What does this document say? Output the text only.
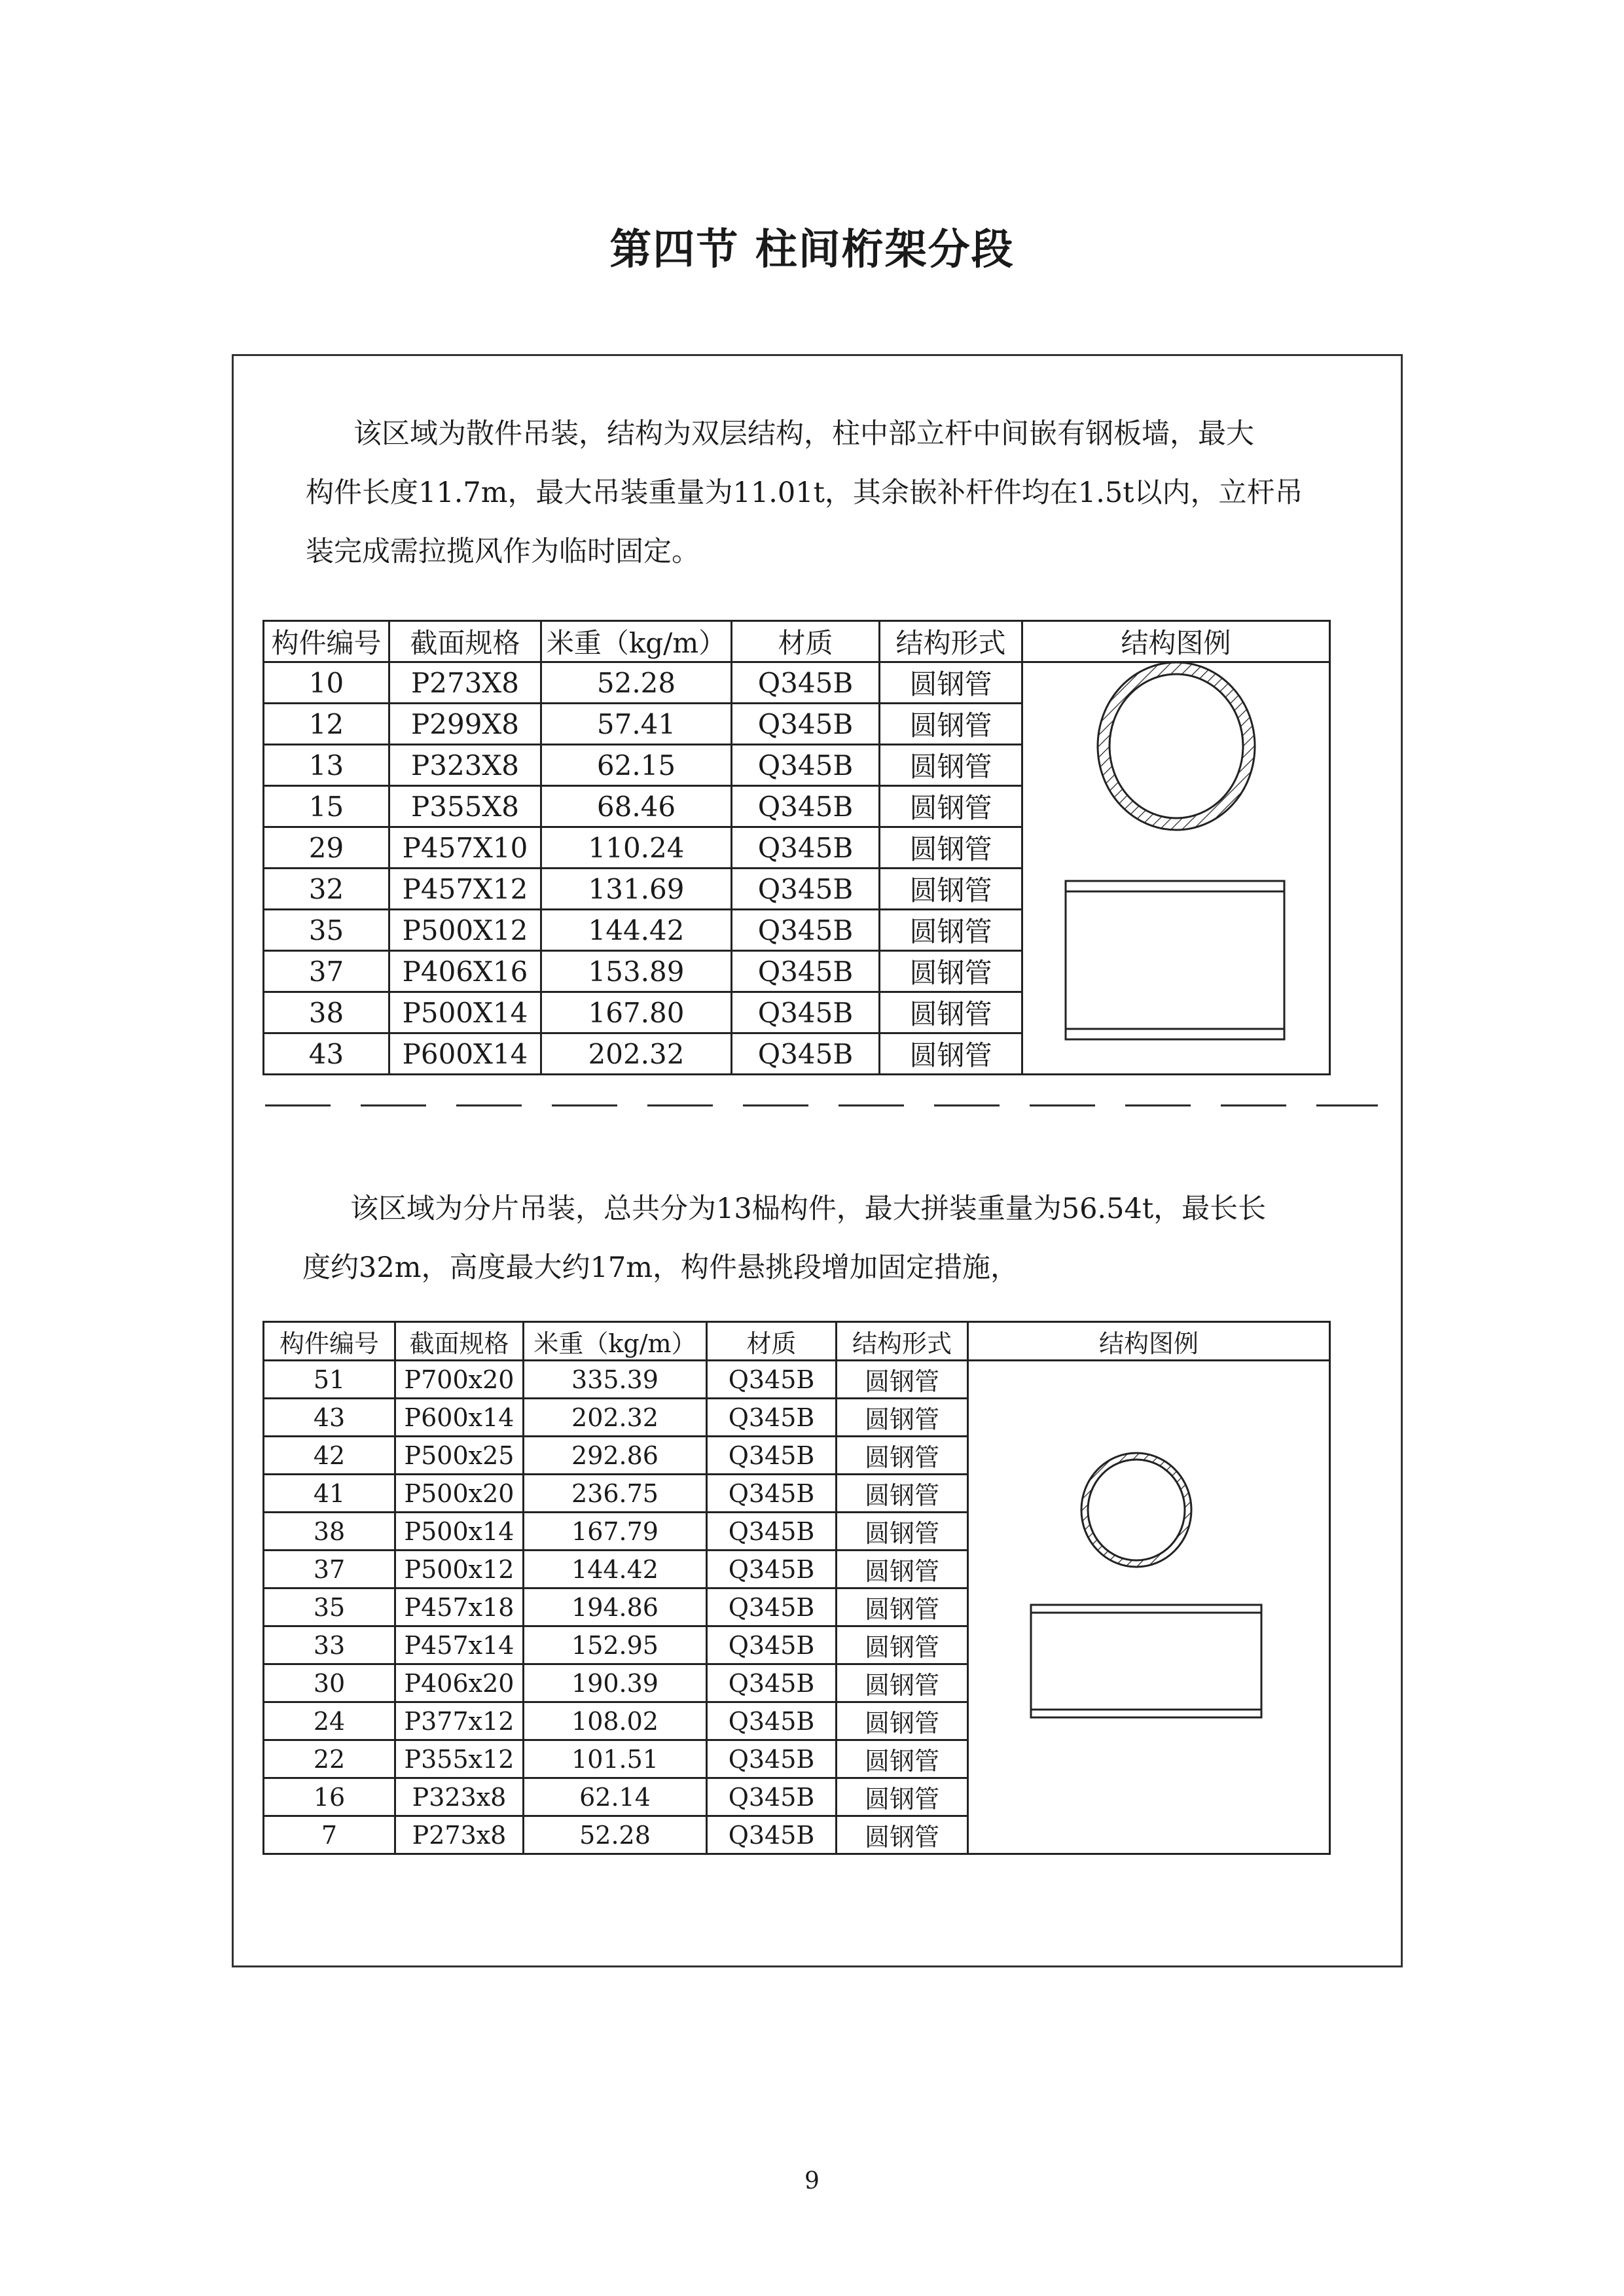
第四节 柱间桁架分段
该区域为散件吊装，结构为双层结构，柱中部立杆中间嵌有钢板墙，最大
构件长度11.7m，最大吊装重量为11.01t，其余嵌补杆件均在1.5t以内，立杆吊
装完成需拉揽风作为临时固定。
构件编号	截面规格	米重（kg/m）	材质	结构形式	结构图例
10	P273X8	52.28	Q345B	圆钢管	
12	P299X8	57.41	Q345B	圆钢管	
13	P323X8	62.15	Q345B	圆钢管	
15	P355X8	68.46	Q345B	圆钢管	
29	P457X10	110.24	Q345B	圆钢管	
32	P457X12	131.69	Q345B	圆钢管	
35	P500X12	144.42	Q345B	圆钢管	
37	P406X16	153.89	Q345B	圆钢管	
38	P500X14	167.80	Q345B	圆钢管	
43	P600X14	202.32	Q345B	圆钢管	
该区域为分片吊装，总共分为13榀构件，最大拼装重量为56.54t，最长长
度约32m，高度最大约17m，构件悬挑段增加固定措施，
构件编号	截面规格	米重（kg/m）	材质	结构形式	结构图例
51	P700x20	335.39	Q345B	圆钢管	
43	P600x14	202.32	Q345B	圆钢管	
42	P500x25	292.86	Q345B	圆钢管	
41	P500x20	236.75	Q345B	圆钢管	
38	P500x14	167.79	Q345B	圆钢管	
37	P500x12	144.42	Q345B	圆钢管	
35	P457x18	194.86	Q345B	圆钢管	
33	P457x14	152.95	Q345B	圆钢管	
30	P406x20	190.39	Q345B	圆钢管	
24	P377x12	108.02	Q345B	圆钢管	
22	P355x12	101.51	Q345B	圆钢管	
16	P323x8	62.14	Q345B	圆钢管	
7	P273x8	52.28	Q345B	圆钢管	
9
